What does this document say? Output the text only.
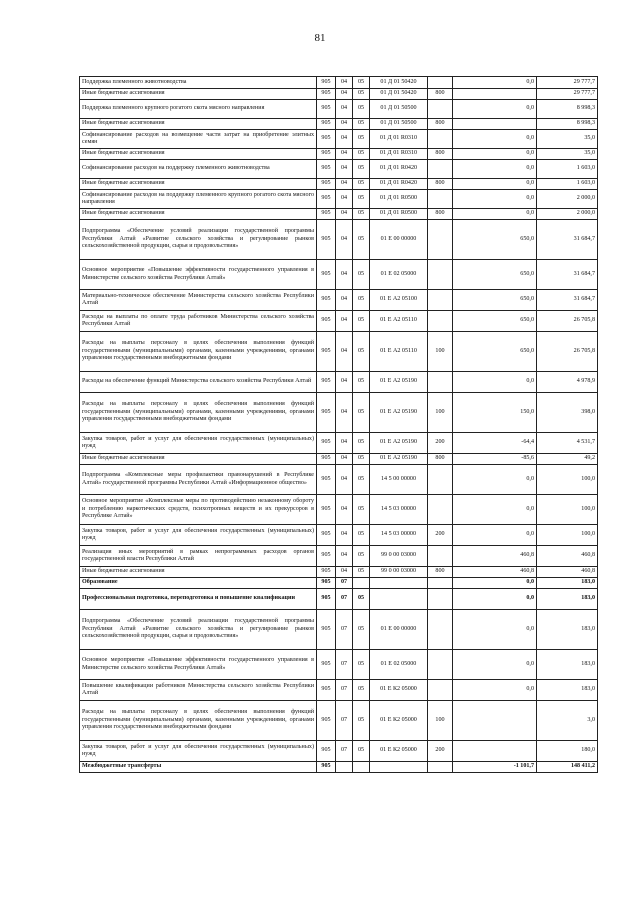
81
Поддержка племенного животноводства	905	04	05	01 Д 01 50420		0,0	29 777,7
Иные бюджетные ассигнования	905	04	05	01 Д 01 50420	800		29 777,7
Поддержка племенного крупного рогатого скота мясного направления	905	04	05	01 Д 01 50500		0,0	8 998,3
Иные бюджетные ассигнования	905	04	05	01 Д 01 50500	800		8 998,3
Софинансирование расходов на возмещение части затрат на приобретение элитных семян	905	04	05	01 Д 01 R0310		0,0	35,0
Иные бюджетные ассигнования	905	04	05	01 Д 01 R0310	800	0,0	35,0
Софинансирование расходов на поддержку племенного животноводства	905	04	05	01 Д 01 R0420		0,0	1 603,0
Иные бюджетные ассигнования	905	04	05	01 Д 01 R0420	800	0,0	1 603,0
Софинансирование расходов на поддержку племенного крупного рогатого скота мясного направления	905	04	05	01 Д 01 R0500		0,0	2 000,0
Иные бюджетные ассигнования	905	04	05	01 Д 01 R0500	800	0,0	2 000,0
Подпрограмма «Обеспечение условий реализации государственной программы Республики Алтай «Развитие сельского хозяйства и регулирование рынков сельскохозяйственной продукции, сырья и продовольствия»	905	04	05	01 Е 00 00000		650,0	31 684,7
Основное мероприятие «Повышение эффективности государственного управления в Министерстве сельского хозяйства Республики Алтай»	905	04	05	01 Е 02 05000		650,0	31 684,7
Материально-техническое обеспечение Министерства сельского хозяйства Республики Алтай	905	04	05	01 Е А2 05100		650,0	31 684,7
Расходы на выплаты по оплате труда работников Министерства сельского хозяйства Республики Алтай	905	04	05	01 Е А2 05110		650,0	26 705,8
Расходы на выплаты персоналу в целях обеспечения выполнения функций государственными (муниципальными) органами, казенными учреждениями, органами управления государственными внебюджетными фондами	905	04	05	01 Е А2 05110	100	650,0	26 705,8
Расходы на обеспечение функций Министерства сельского хозяйства Республики Алтай	905	04	05	01 Е А2 05190		0,0	4 978,9
Расходы на выплаты персоналу в целях обеспечения выполнения функций государственными (муниципальными) органами, казенными учреждениями, органами управления государственными внебюджетными фондами	905	04	05	01 Е А2 05190	100	150,0	398,0
Закупка товаров, работ и услуг для обеспечения государственных (муниципальных) нужд	905	04	05	01 Е А2 05190	200	-64,4	4 531,7
Иные бюджетные ассигнования	905	04	05	01 Е А2 05190	800	-85,6	49,2
Подпрограмма «Комплексные меры профилактики правонарушений в Республике Алтай» государственной программы Республики Алтай «Информационное общество»	905	04	05	14 5 00 00000		0,0	100,0
Основное мероприятие «Комплексные меры по противодействию незаконному обороту и потреблению наркотических средств, психотропных веществ и их прекурсоров в Республике Алтай»	905	04	05	14 5 03 00000		0,0	100,0
Закупка товаров, работ и услуг для обеспечения государственных (муниципальных) нужд	905	04	05	14 5 03 00000	200	0,0	100,0
Реализация иных мероприятий в рамках непрограммных расходов органов государственной власти Республики Алтай	905	04	05	99 0 00 03000		460,8	460,8
Иные бюджетные ассигнования	905	04	05	99 0 00 03000	800	460,8	460,8
Образование	905	07				0,0	183,0
Профессиональная подготовка, переподготовка и повышение квалификации	905	07	05			0,0	183,0
Подпрограмма «Обеспечение условий реализации государственной программы Республики Алтай «Развитие сельского хозяйства и регулирование рынков сельскохозяйственной продукции, сырья и продовольствия»	905	07	05	01 Е 00 00000		0,0	183,0
Основное мероприятие «Повышение эффективности государственного управления в Министерстве сельского хозяйства Республики Алтай»	905	07	05	01 Е 02 05000		0,0	183,0
Повышение квалификации работников Министерства сельского хозяйства Республики Алтай	905	07	05	01 Е К2 05000		0,0	183,0
Расходы на выплаты персоналу в целях обеспечения выполнения функций государственными (муниципальными) органами, казенными учреждениями, органами управления государственными внебюджетными фондами	905	07	05	01 Е К2 05000	100		3,0
Закупка товаров, работ и услуг для обеспечения государственных (муниципальных) нужд	905	07	05	01 Е К2 05000	200		180,0
Межбюджетные трансферты	905					-1 101,7	148 411,2
